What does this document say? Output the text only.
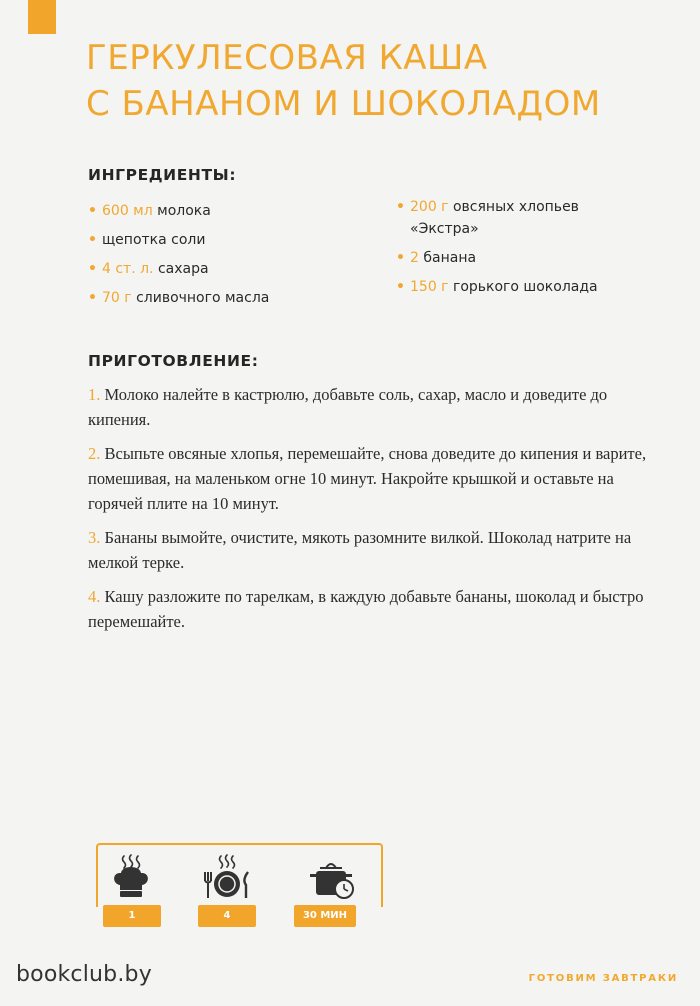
ГЕРКУЛЕСОВАЯ КАША
С БАНАНОМ И ШОКОЛАДОМ
ИНГРЕДИЕНТЫ:
• 600 мл молока
• щепотка соли
• 4 ст. л. сахара
• 70 г сливочного масла
• 200 г овсяных хлопьев «Экстра»
• 2 банана
• 150 г горького шоколада
ПРИГОТОВЛЕНИЕ:

1. Молоко налейте в кастрюлю, добавьте соль, сахар, масло и доведите до кипения.

2. Всыпьте овсяные хлопья, перемешайте, снова доведите до кипения и варите, помешивая, на маленьком огне 10 минут. Накройте крышкой и оставьте на горячей плите на 10 минут.

3. Бананы вымойте, очистите, мякоть разомните вилкой. Шоколад натрите на мелкой терке.

4. Кашу разложите по тарелкам, в каждую добавьте бананы, шоколад и быстро перемешайте.

1	4	30 МИН
bookclub.by	ГОТОВИМ ЗАВТРАКИ
